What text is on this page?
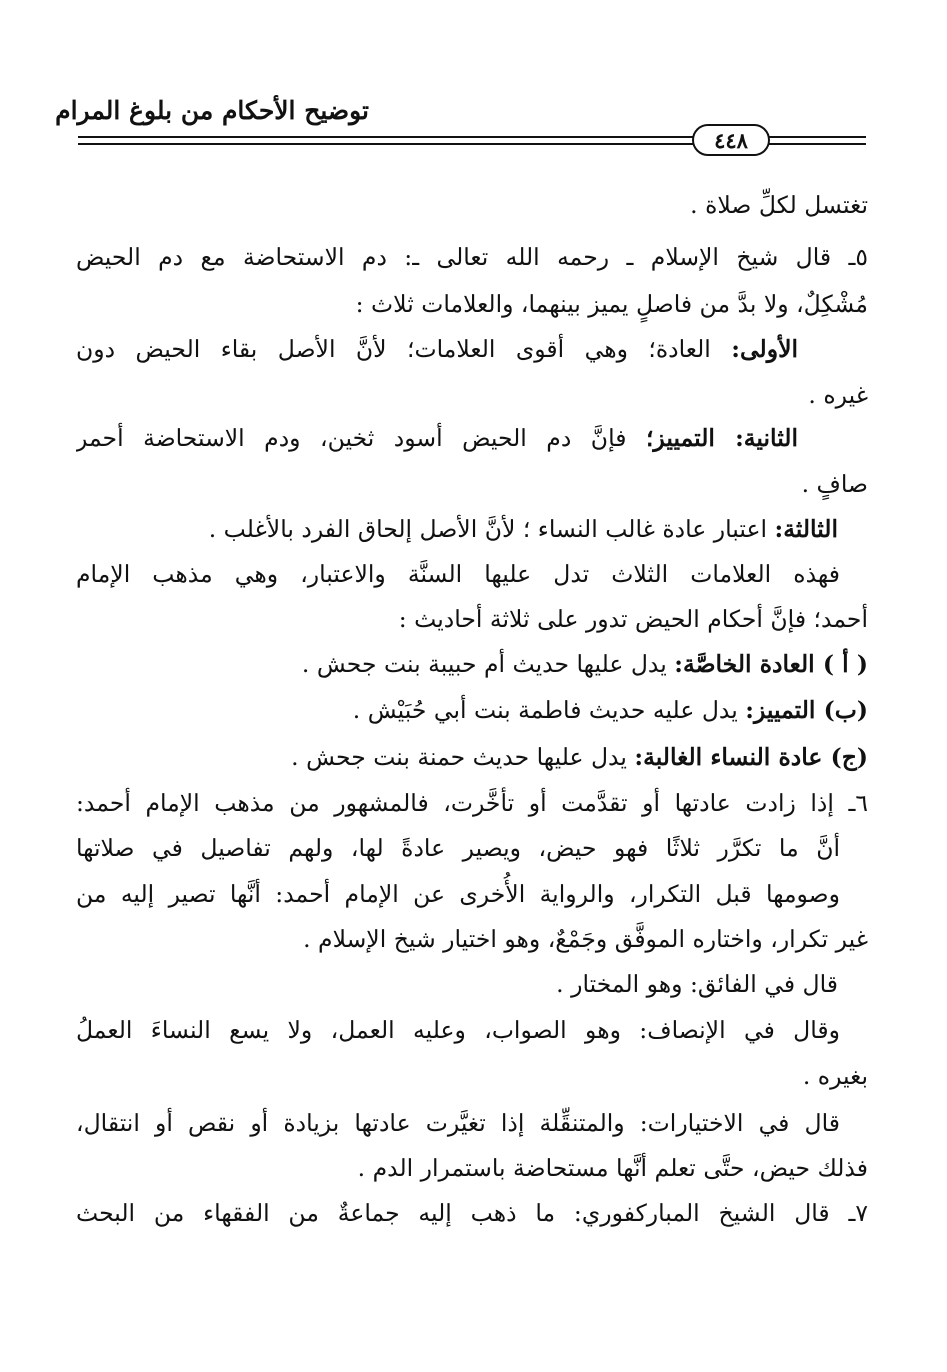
توضيح الأحكام من بلوغ المرام
٤٤٨
تغتسل لكلِّ صلاة .
٥ـ قال شيخ الإسلام ـ رحمه الله تعالى ـ: دم الاستحاضة مع دم الحيض
مُشْكِلٌ، ولا بدَّ من فاصلٍ يميز بينهما، والعلامات ثلاث :
الأولى: العادة؛ وهي أقوى العلامات؛ لأنَّ الأصل بقاء الحيض دون
غيره .
الثانية: التمييز؛ فإنَّ دم الحيض أسود ثخين، ودم الاستحاضة أحمر
صافٍ .
الثالثة: اعتبار عادة غالب النساء ؛ لأنَّ الأصل إلحاق الفرد بالأغلب .
فهذه العلامات الثلاث تدل عليها السنَّة والاعتبار، وهي مذهب الإمام
أحمد؛ فإنَّ أحكام الحيض تدور على ثلاثة أحاديث :
( أ ) العادة الخاصَّة: يدل عليها حديث أم حبيبة بنت جحش .
(ب) التمييز: يدل عليه حديث فاطمة بنت أبي حُبَيْش .
(ج) عادة النساء الغالبة: يدل عليها حديث حمنة بنت جحش .
٦ـ إذا زادت عادتها أو تقدَّمت أو تأخَّرت، فالمشهور من مذهب الإمام أحمد:
أنَّ ما تكرَّر ثلاثًا فهو حيض، ويصير عادةً لها، ولهم تفاصيل في صلاتها
وصومها قبل التكرار، والرواية الأُخرى عن الإمام أحمد: أنَّها تصير إليه من
غير تكرار، واختاره الموفَّق وجَمْعٌ، وهو اختيار شيخ الإسلام .
قال في الفائق: وهو المختار .
وقال في الإنصاف: وهو الصواب، وعليه العمل، ولا يسع النساءَ العملُ
بغيره .
قال في الاختيارات: والمتنقِّلة إذا تغيَّرت عادتها بزيادة أو نقص أو انتقال،
فذلك حيض، حتَّى تعلم أنَّها مستحاضة باستمرار الدم .
٧ـ قال الشيخ المباركفوري: ما ذهب إليه جماعةٌ من الفقهاء من البحث
